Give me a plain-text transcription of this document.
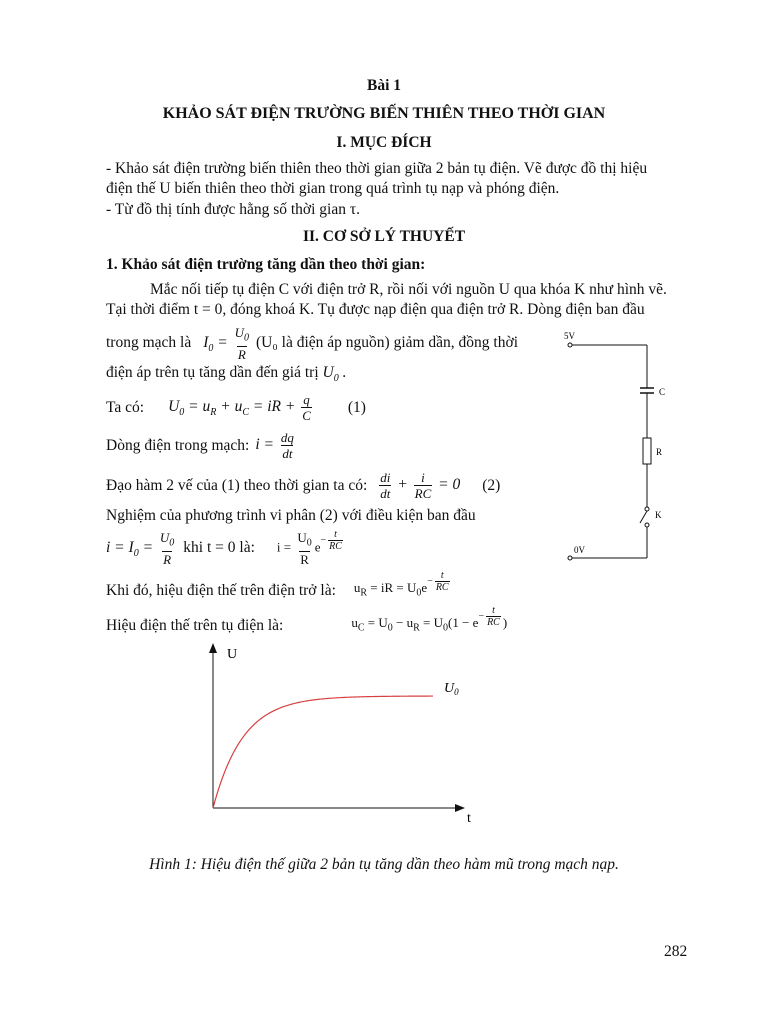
Bài 1
KHẢO SÁT ĐIỆN TRƯỜNG BIẾN THIÊN THEO THỜI GIAN
I. MỤC ĐÍCH
- Khảo sát điện trường biến thiên theo thời gian giữa 2 bản tụ điện. Vẽ được đồ thị hiệu
điện thế U biến thiên theo thời gian trong quá trình tụ nạp và phóng điện.
- Từ đồ thị tính được hằng số thời gian τ.
II. CƠ SỞ LÝ THUYẾT
1. Khảo sát điện trường tăng dần theo thời gian:
Mắc nối tiếp tụ điện C với điện trở R, rồi nối với nguồn U qua khóa K như hình vẽ.
Tại thời điểm t = 0, đóng khoá K. Tụ được nạp điện qua điện trở R. Dòng điện ban đầu
trong mạch là $I_0 = \frac{U_0}{R} (U_0$ là điện áp nguồn) giảm dần, đồng thời
điện áp trên tụ tăng dần đến giá trị $U_0$ .
Ta có: $U_0 = u_R + u_C$ = iR + $\frac{q}{C} (1)$
Dòng điện trong mạch: $i = \frac{dq}{dt}$
Đạo hàm 2 vế của (1) theo thời gian ta có: $\frac{di}{dt} + \frac{i}{RC} = 0$ (2)
Nghiệm của phương trình vi phân (2) với điều kiện ban đầu
$i = I_0 = \frac{U_0}{R}$ khi t = 0 là: $i = \frac{U_0}{R} e- \frac{t}{RC}$
Khi đó, hiệu điện thế trên điện trở là: $u_R$ = iR = $U_0e- \frac{t}{RC}$
Hiệu điện thế trên tụ điện là:	$u_C = U_0 - u_R = U_0(1 - e- \frac{t}{RC}$ )
5V
C
R
K
0V
U
t
$U_0$
Hình 1: Hiệu điện thế giữa 2 bản tụ tăng dần theo hàm mũ trong mạch nạp.
282
